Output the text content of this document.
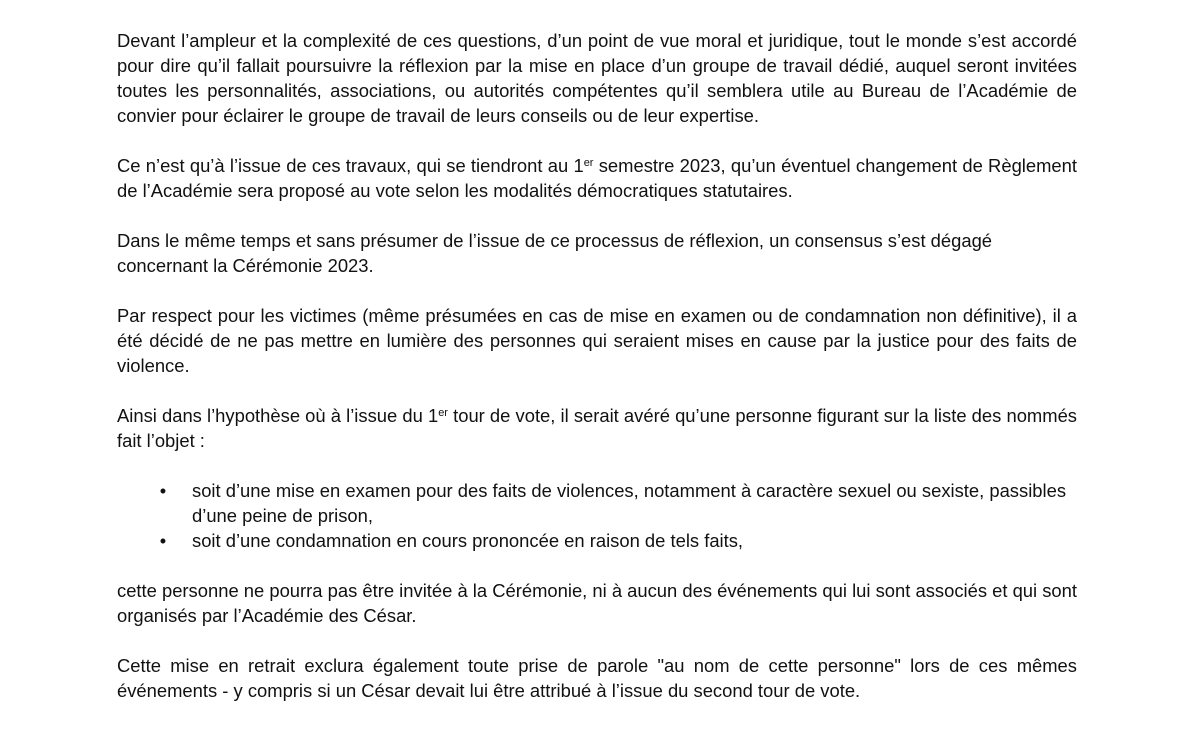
Devant l’ampleur et la complexité de ces questions, d’un point de vue moral et juridique, tout le monde s’est accordé pour dire qu’il fallait poursuivre la réflexion par la mise en place d’un groupe de travail dédié, auquel seront invitées toutes les personnalités, associations, ou autorités compétentes qu’il semblera utile au Bureau de l’Académie de convier pour éclairer le groupe de travail de leurs conseils ou de leur expertise.

Ce n’est qu’à l’issue de ces travaux, qui se tiendront au 1er semestre 2023, qu’un éventuel changement de Règlement de l’Académie sera proposé au vote selon les modalités démocratiques statutaires.

Dans le même temps et sans présumer de l’issue de ce processus de réflexion, un consensus s’est dégagé concernant la Cérémonie 2023.

Par respect pour les victimes (même présumées en cas de mise en examen ou de condamnation non définitive), il a été décidé de ne pas mettre en lumière des personnes qui seraient mises en cause par la justice pour des faits de violence.

Ainsi dans l’hypothèse où à l’issue du 1er tour de vote, il serait avéré qu’une personne figurant sur la liste des nommés fait l’objet :

•	soit d’une mise en examen pour des faits de violences, notamment à caractère sexuel ou sexiste, passibles d’une peine de prison,
•	soit d’une condamnation en cours prononcée en raison de tels faits,

cette personne ne pourra pas être invitée à la Cérémonie, ni à aucun des événements qui lui sont associés et qui sont organisés par l’Académie des César.

Cette mise en retrait exclura également toute prise de parole "au nom de cette personne" lors de ces mêmes événements - y compris si un César devait lui être attribué à l’issue du second tour de vote.
